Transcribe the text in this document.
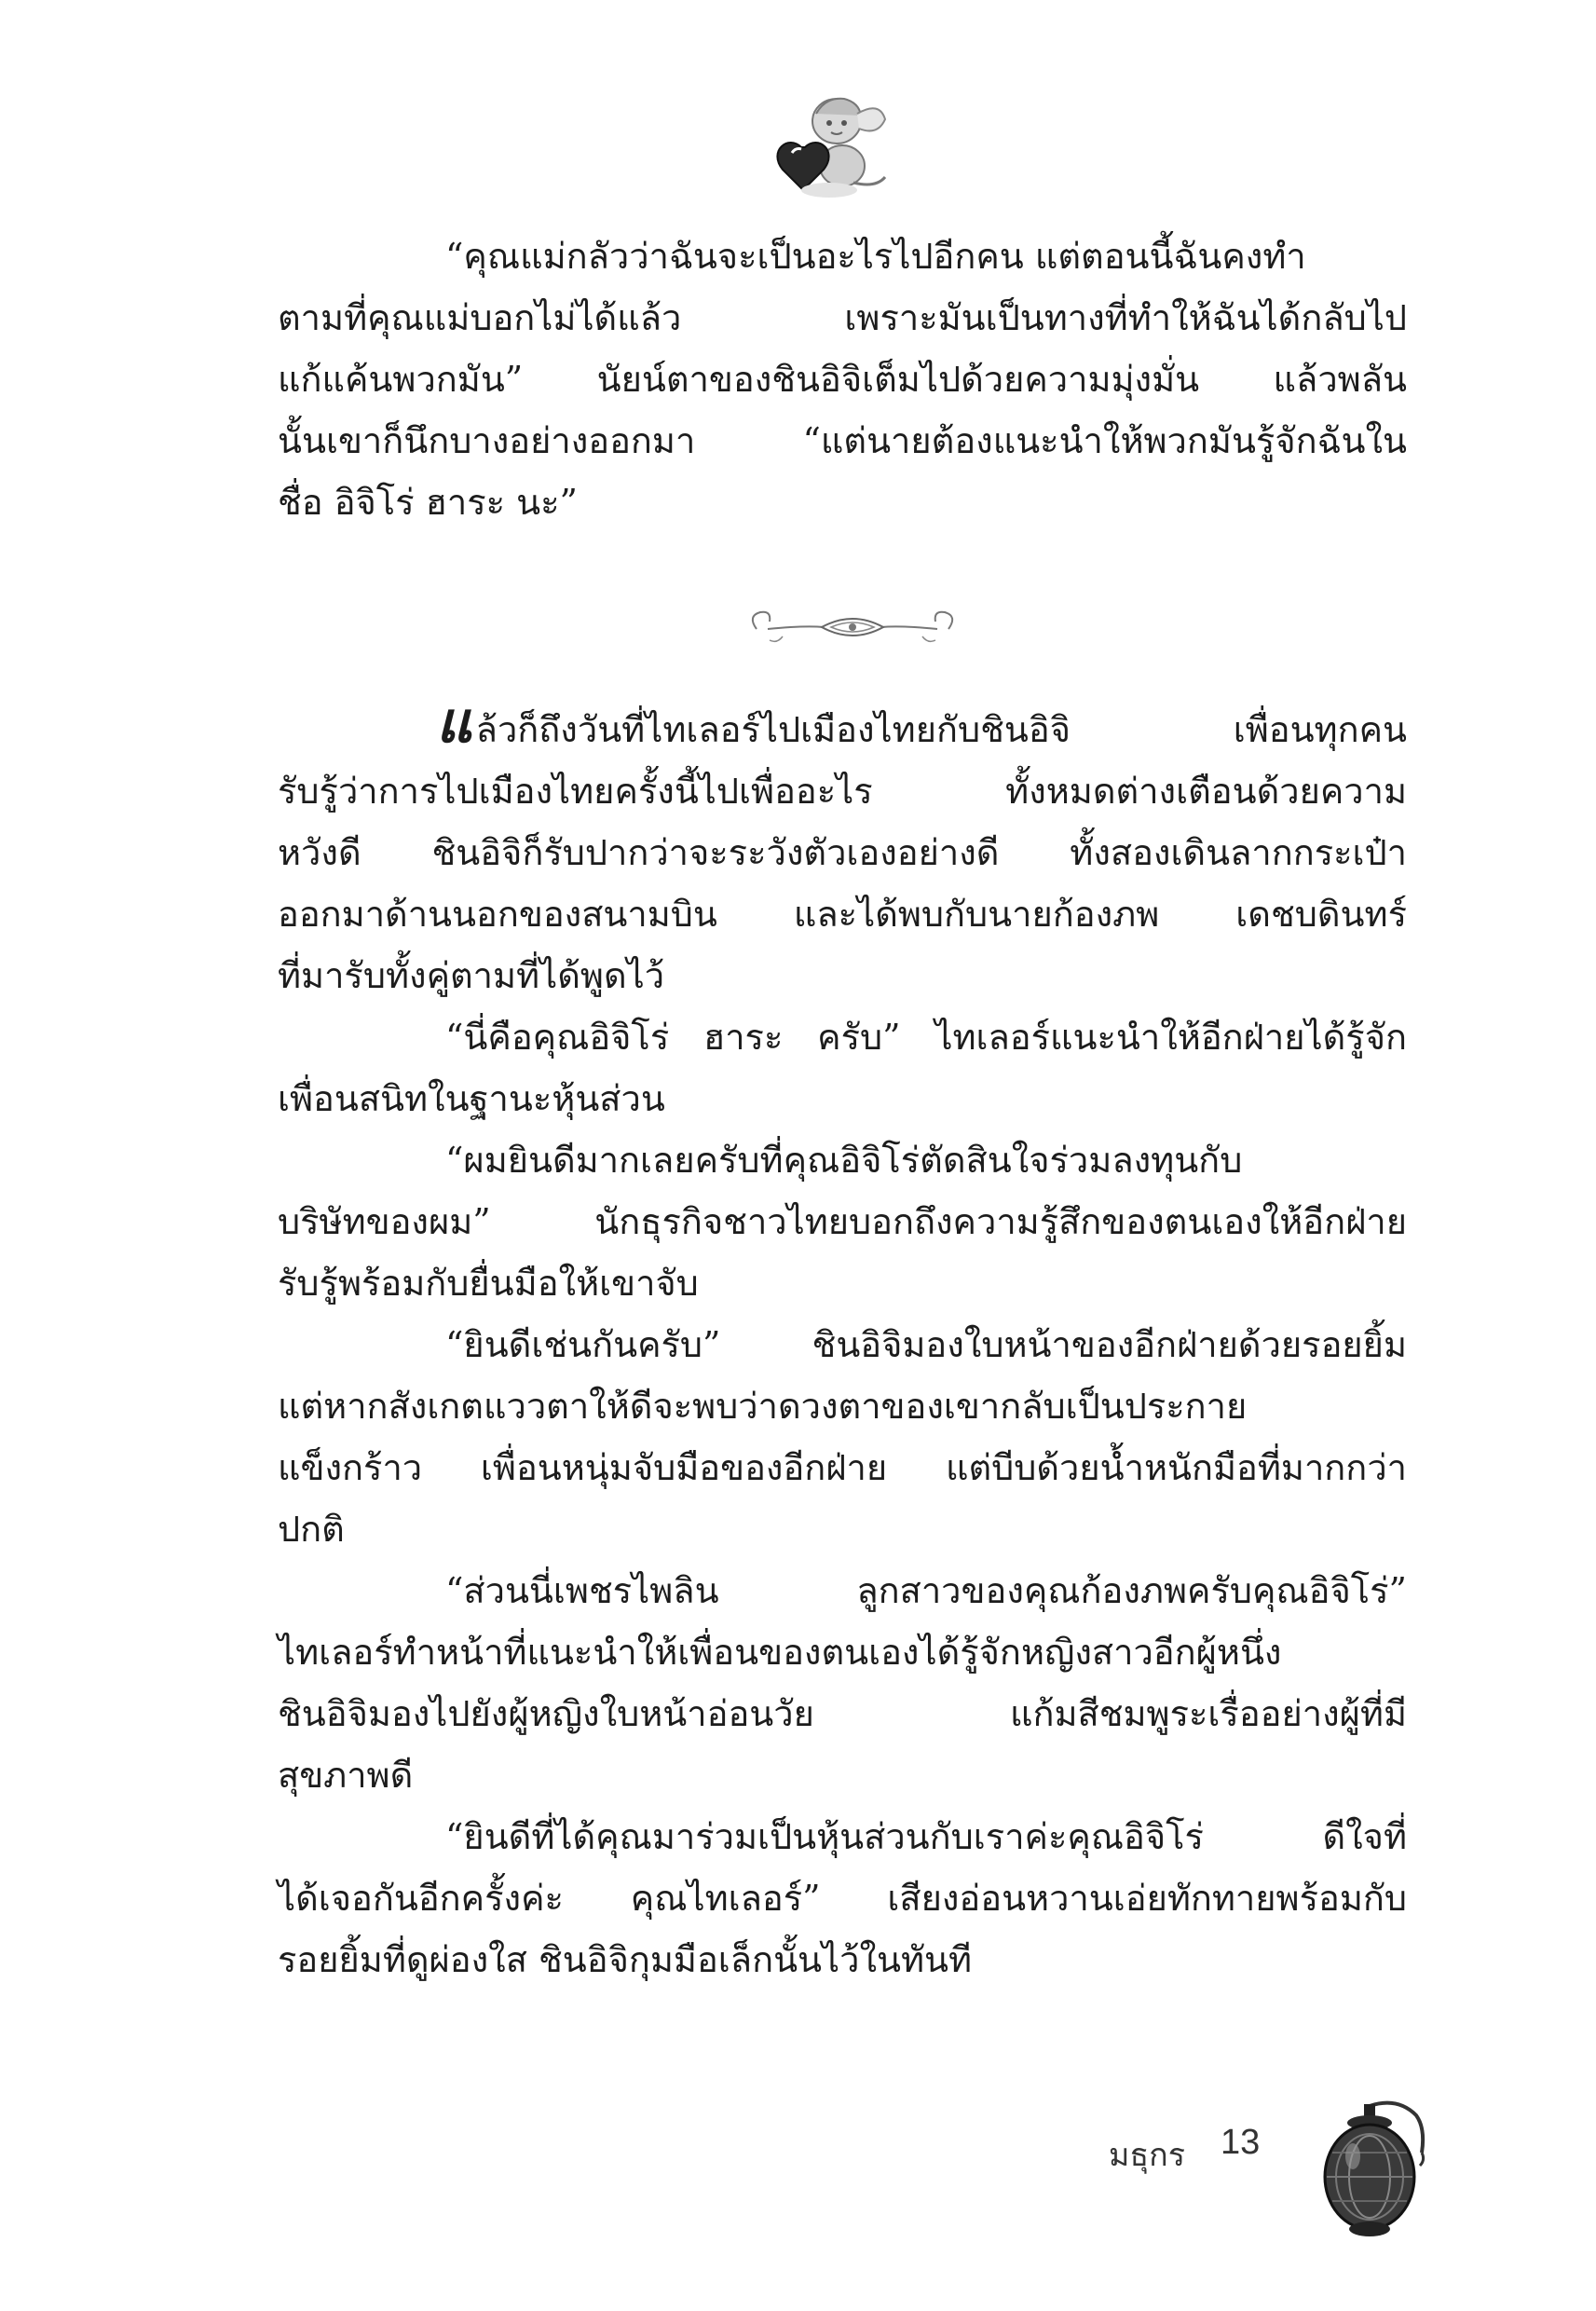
“คุณแม่กลัวว่าฉันจะเป็นอะไรไปอีกคน แต่ตอนนี้ฉันคงทำ
ตามที่คุณแม่บอกไม่ได้แล้ว เพราะมันเป็นทางที่ทำให้ฉันได้กลับไป
แก้แค้นพวกมัน” นัยน์ตาของชินอิจิเต็มไปด้วยความมุ่งมั่น แล้วพลัน
นั้นเขาก็นึกบางอย่างออกมา “แต่นายต้องแนะนำให้พวกมันรู้จักฉันใน
ชื่อ อิจิโร่ ฮาระ นะ”
แล้วก็ถึงวันที่ไทเลอร์ไปเมืองไทยกับชินอิจิ เพื่อนทุกคน
รับรู้ว่าการไปเมืองไทยครั้งนี้ไปเพื่ออะไร ทั้งหมดต่างเตือนด้วยความ
หวังดี ชินอิจิก็รับปากว่าจะระวังตัวเองอย่างดี ทั้งสองเดินลากกระเป๋า
ออกมาด้านนอกของสนามบิน และได้พบกับนายก้องภพ เดชบดินทร์
ที่มารับทั้งคู่ตามที่ได้พูดไว้
“นี่คือคุณอิจิโร่ ฮาระ ครับ” ไทเลอร์แนะนำให้อีกฝ่ายได้รู้จัก
เพื่อนสนิทในฐานะหุ้นส่วน
“ผมยินดีมากเลยครับที่คุณอิจิโร่ตัดสินใจร่วมลงทุนกับ
บริษัทของผม” นักธุรกิจชาวไทยบอกถึงความรู้สึกของตนเองให้อีกฝ่าย
รับรู้พร้อมกับยื่นมือให้เขาจับ
“ยินดีเช่นกันครับ” ชินอิจิมองใบหน้าของอีกฝ่ายด้วยรอยยิ้ม
แต่หากสังเกตแววตาให้ดีจะพบว่าดวงตาของเขากลับเป็นประกาย
แข็งกร้าว เพื่อนหนุ่มจับมือของอีกฝ่าย แต่บีบด้วยน้ำหนักมือที่มากกว่า
ปกติ
“ส่วนนี่เพชรไพลิน ลูกสาวของคุณก้องภพครับคุณอิจิโร่”
ไทเลอร์ทำหน้าที่แนะนำให้เพื่อนของตนเองได้รู้จักหญิงสาวอีกผู้หนึ่ง
ชินอิจิมองไปยังผู้หญิงใบหน้าอ่อนวัย แก้มสีชมพูระเรื่ออย่างผู้ที่มี
สุขภาพดี
“ยินดีที่ได้คุณมาร่วมเป็นหุ้นส่วนกับเราค่ะคุณอิจิโร่ ดีใจที่
ได้เจอกันอีกครั้งค่ะ คุณไทเลอร์” เสียงอ่อนหวานเอ่ยทักทายพร้อมกับ
รอยยิ้มที่ดูผ่องใส ชินอิจิกุมมือเล็กนั้นไว้ในทันที
มธุกร 13
